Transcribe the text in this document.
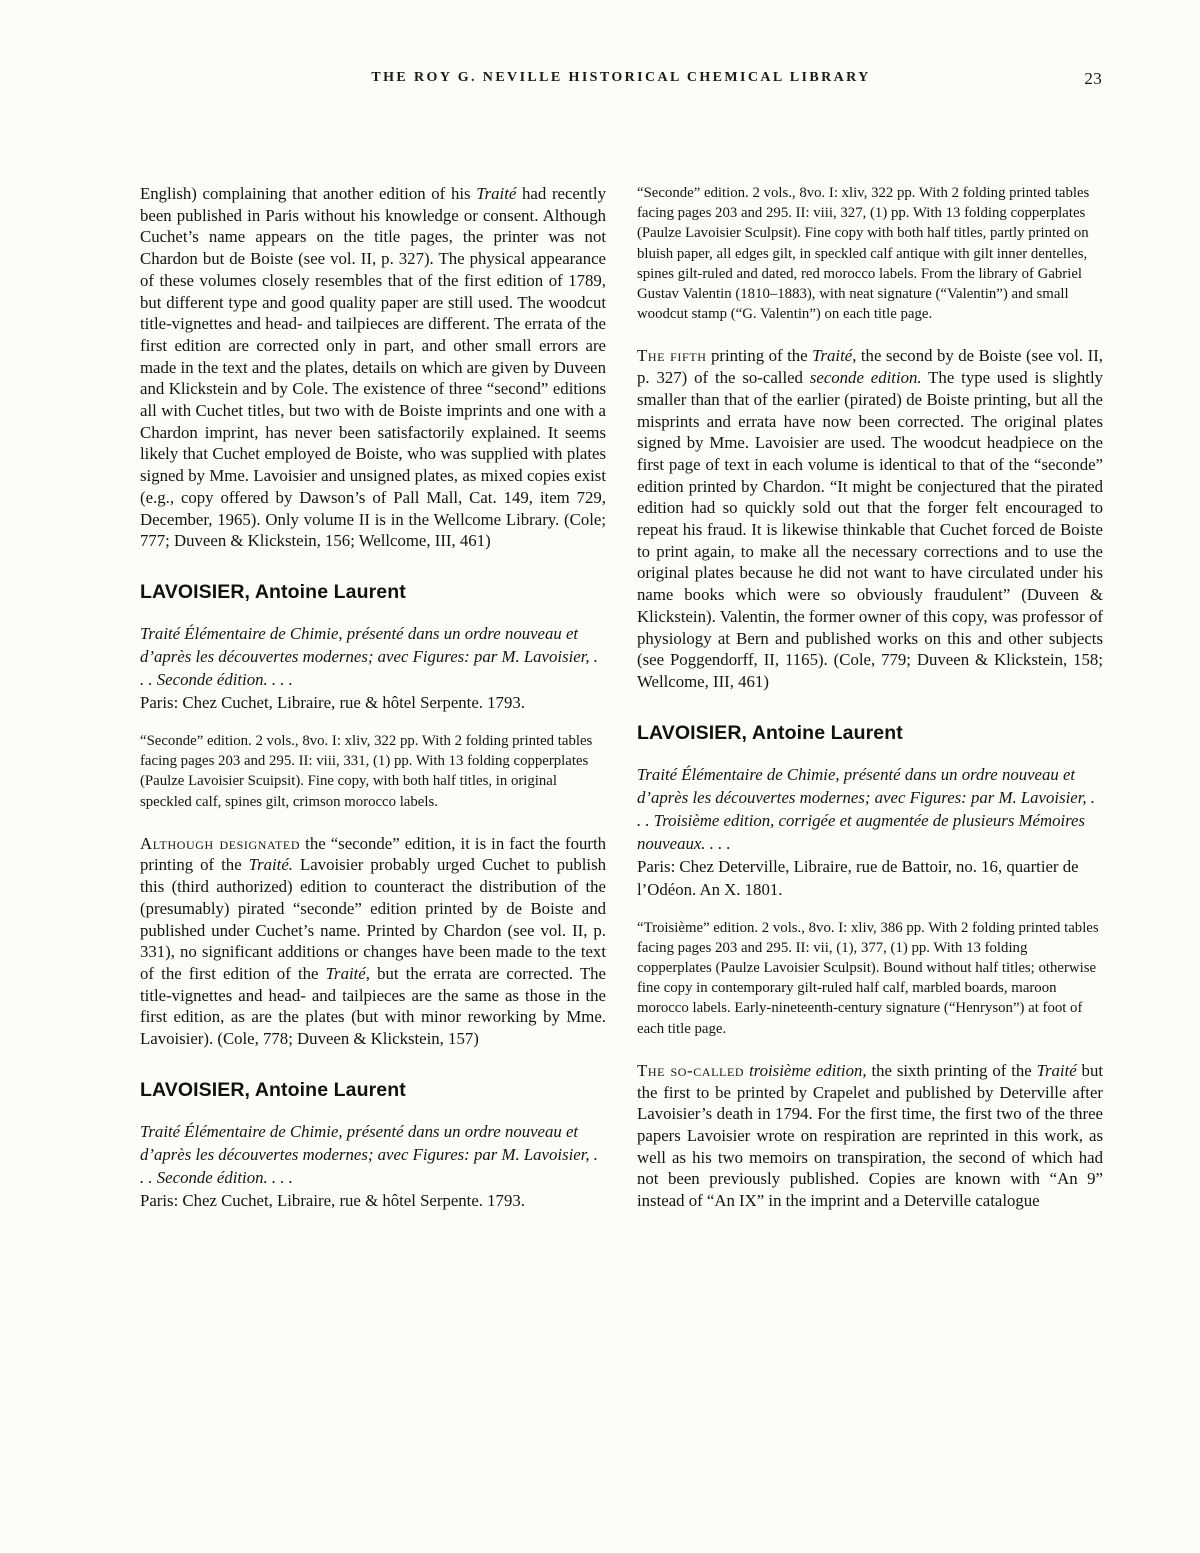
THE ROY G. NEVILLE HISTORICAL CHEMICAL LIBRARY	23
English) complaining that another edition of his Traité had recently been published in Paris without his knowledge or consent. Although Cuchet’s name appears on the title pages, the printer was not Chardon but de Boiste (see vol. II, p. 327). The physical appearance of these volumes closely resembles that of the first edition of 1789, but different type and good quality paper are still used. The woodcut title-vignettes and head- and tailpieces are different. The errata of the first edition are corrected only in part, and other small errors are made in the text and the plates, details on which are given by Duveen and Klickstein and by Cole. The existence of three “second” editions all with Cuchet titles, but two with de Boiste imprints and one with a Chardon imprint, has never been satisfactorily explained. It seems likely that Cuchet employed de Boiste, who was supplied with plates signed by Mme. Lavoisier and unsigned plates, as mixed copies exist (e.g., copy offered by Dawson’s of Pall Mall, Cat. 149, item 729, December, 1965). Only volume II is in the Wellcome Library. (Cole; 777; Duveen & Klickstein, 156; Wellcome, III, 461)
LAVOISIER, Antoine Laurent
Traité Élémentaire de Chimie, présenté dans un ordre nouveau et d’après les découvertes modernes; avec Figures: par M. Lavoisier, . . . Seconde édition. . . .
Paris: Chez Cuchet, Libraire, rue & hôtel Serpente. 1793.
“Seconde” edition. 2 vols., 8vo. I: xliv, 322 pp. With 2 folding printed tables facing pages 203 and 295. II: viii, 331, (1) pp. With 13 folding copperplates (Paulze Lavoisier Scuipsit). Fine copy, with both half titles, in original speckled calf, spines gilt, crimson morocco labels.
Although designated the “seconde” edition, it is in fact the fourth printing of the Traité. Lavoisier probably urged Cuchet to publish this (third authorized) edition to counteract the distribution of the (presumably) pirated “seconde” edition printed by de Boiste and published under Cuchet’s name. Printed by Chardon (see vol. II, p. 331), no significant additions or changes have been made to the text of the first edition of the Traité, but the errata are corrected. The title-vignettes and head- and tailpieces are the same as those in the first edition, as are the plates (but with minor reworking by Mme. Lavoisier). (Cole, 778; Duveen & Klickstein, 157)
LAVOISIER, Antoine Laurent
Traité Élémentaire de Chimie, présenté dans un ordre nouveau et d’après les découvertes modernes; avec Figures: par M. Lavoisier, . . . Seconde édition. . . .
Paris: Chez Cuchet, Libraire, rue & hôtel Serpente. 1793.
“Seconde” edition. 2 vols., 8vo. I: xliv, 322 pp. With 2 folding printed tables facing pages 203 and 295. II: viii, 327, (1) pp. With 13 folding copperplates (Paulze Lavoisier Sculpsit). Fine copy with both half titles, partly printed on bluish paper, all edges gilt, in speckled calf antique with gilt inner dentelles, spines gilt-ruled and dated, red morocco labels. From the library of Gabriel Gustav Valentin (1810–1883), with neat signature (“Valentin”) and small woodcut stamp (“G. Valentin”) on each title page.
The fifth printing of the Traité, the second by de Boiste (see vol. II, p. 327) of the so-called seconde edition. The type used is slightly smaller than that of the earlier (pirated) de Boiste printing, but all the misprints and errata have now been corrected. The original plates signed by Mme. Lavoisier are used. The woodcut headpiece on the first page of text in each volume is identical to that of the “seconde” edition printed by Chardon. “It might be conjectured that the pirated edition had so quickly sold out that the forger felt encouraged to repeat his fraud. It is likewise thinkable that Cuchet forced de Boiste to print again, to make all the necessary corrections and to use the original plates because he did not want to have circulated under his name books which were so obviously fraudulent” (Duveen & Klickstein). Valentin, the former owner of this copy, was professor of physiology at Bern and published works on this and other subjects (see Poggendorff, II, 1165). (Cole, 779; Duveen & Klickstein, 158; Wellcome, III, 461)
LAVOISIER, Antoine Laurent
Traité Élémentaire de Chimie, présenté dans un ordre nouveau et d’après les découvertes modernes; avec Figures: par M. Lavoisier, . . . Troisième edition, corrigée et augmentée de plusieurs Mémoires nouveaux. . . .
Paris: Chez Deterville, Libraire, rue de Battoir, no. 16, quartier de l’Odéon. An X. 1801.
“Troisième” edition. 2 vols., 8vo. I: xliv, 386 pp. With 2 folding printed tables facing pages 203 and 295. II: vii, (1), 377, (1) pp. With 13 folding copperplates (Paulze Lavoisier Sculpsit). Bound without half titles; otherwise fine copy in contemporary gilt-ruled half calf, marbled boards, maroon morocco labels. Early-nineteenth-century signature (“Henryson”) at foot of each title page.
The so-called troisième edition, the sixth printing of the Traité but the first to be printed by Crapelet and published by Deterville after Lavoisier’s death in 1794. For the first time, the first two of the three papers Lavoisier wrote on respiration are reprinted in this work, as well as his two memoirs on transpiration, the second of which had not been previously published. Copies are known with “An 9” instead of “An IX” in the imprint and a Deterville catalogue
